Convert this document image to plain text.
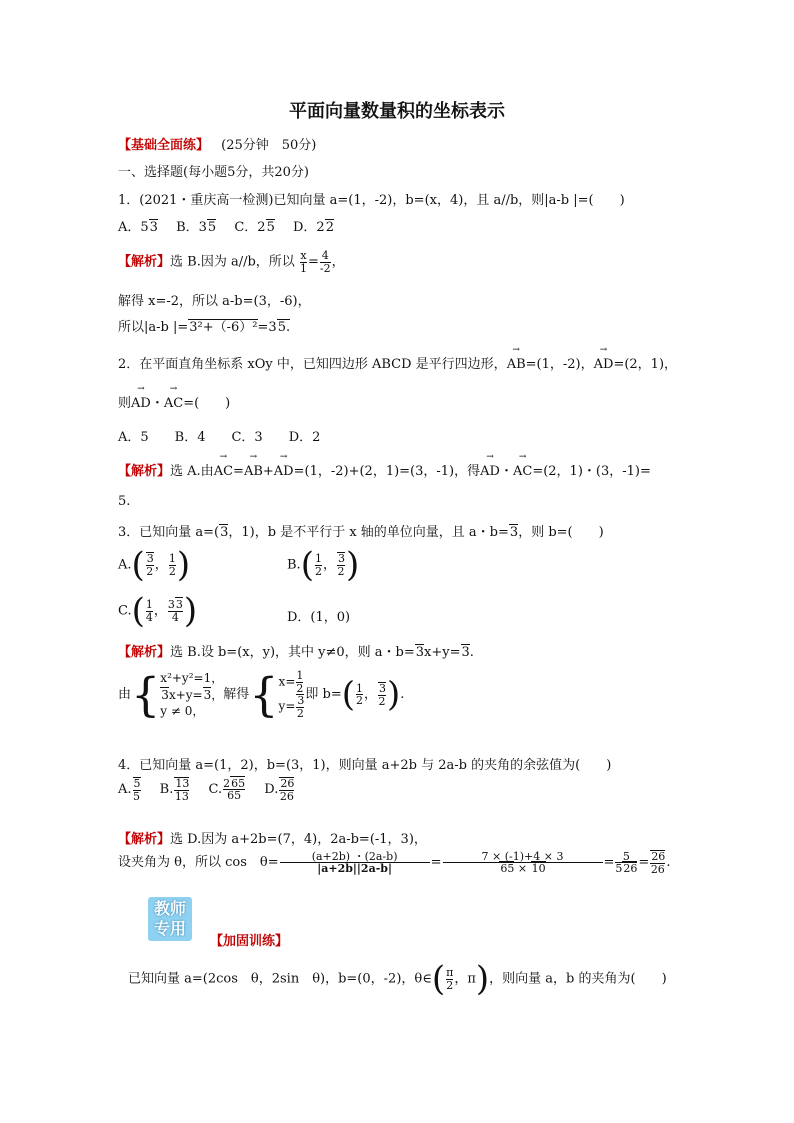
平面向量数量积的坐标表示
【基础全面练】 (25分钟　50分)
一、选择题(每小题5分，共20分)
1．(2021・重庆高一检测)已知向量 a=(1，-2)，b=(x，4)，且 a//b，则|a-b |=(　　)
A．53 B．35 C．25 D．22
【解析】选 B.因为 a//b，所以 $\frac{x}{1} = \frac{4}{-2}$ ，
解得 x=-2，所以 a-b=(3，-6)，
所以|a-b |=3²+（-6）²=35.
2．在平面直角坐标系 xOy 中，已知四边形 ABCD 是平行四边形，→ AB=(1，-2)，→ AD=(2，1)，
则→ AD・→ AC=(　　)
A．5　　B．4　　C．3　　D．2
【解析】选 A.由→ AC=→ AB+→ AD=(1，-2)+(2，1)=(3，-1)，得→ AD・→ AC=(2，1)・(3，-1)=
5.
3．已知向量 a=(3，1)，b 是不平行于 x 轴的单位向量，且 a・b=3，则 b=(　　)
$A.( \frac{3}{2}$ ， $\frac{1}{2}$ )	$B.( \frac{1}{2}$ ， $\frac{3}{2}$ )
$C.( \frac{1}{4}$ ， $\frac{33}{4}$ )	D．(1，0)
【解析】选 B.设 b=(x，y)，其中 y≠0，则 a・b=3x+y=3.
由{ x²+y²=1，
3x+y=3，
y ≠ 0，
解得{ $x= \frac{1}{2}$
$y= \frac{3}{2}$ 即 $b=( \frac{1}{2}$ ， $\frac{3}{2}$ ).
4．已知向量 a=(1，2)，b=(3，1)，则向量 a+2b 与 2a-b 的夹角的余弦值为(　　)
A. $\frac{5}{5} B$. $\frac{13}{13} C$. $\frac{265}{65} D$. $\frac{26}{26}$
【解析】选 D.因为 a+2b=(7，4)，2a-b=(-1，3)，
设夹角为 θ，所以 cos　$\theta= \frac{(a+2b) ・(2a-b)}{|a+2b||2a-b|} = \frac{7 \times (-1)+4 \times 3}{65 \times 10} = \frac{5}{526} = \frac{26}{26}$ .
教师
专用
【加固训练】
已知向量 a=(2cos　θ，2sin　θ)，b=(0，-2)，θ∈( $\frac{\pi}{2}$ ，π)，则向量 a，b 的夹角为(　　)
